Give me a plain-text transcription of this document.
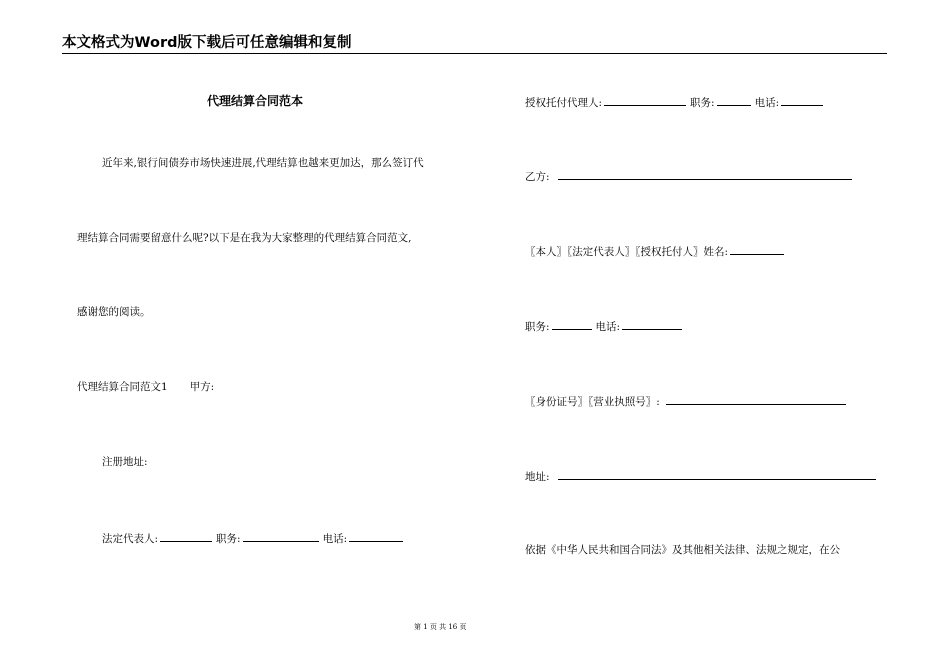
本文格式为Word版下载后可任意编辑和复制
代理结算合同范本
近年来,银行间债券市场快速进展,代理结算也越来更加达，那么签订代
理结算合同需要留意什么呢?以下是在我为大家整理的代理结算合同范文,
感谢您的阅读。
代理结算合同范文1 甲方:
注册地址:
法定代表人:	职务:	电话:
授权托付代理人:	职务:	电话:
乙方:
〖本人〗〖法定代表人〗〖授权托付人〗姓名:
职务:	电话:
〖身份证号〗〖营业执照号〗:
地址:
依据《中华人民共和国合同法》及其他相关法律、法规之规定，在公
第 1 页 共 16 页
